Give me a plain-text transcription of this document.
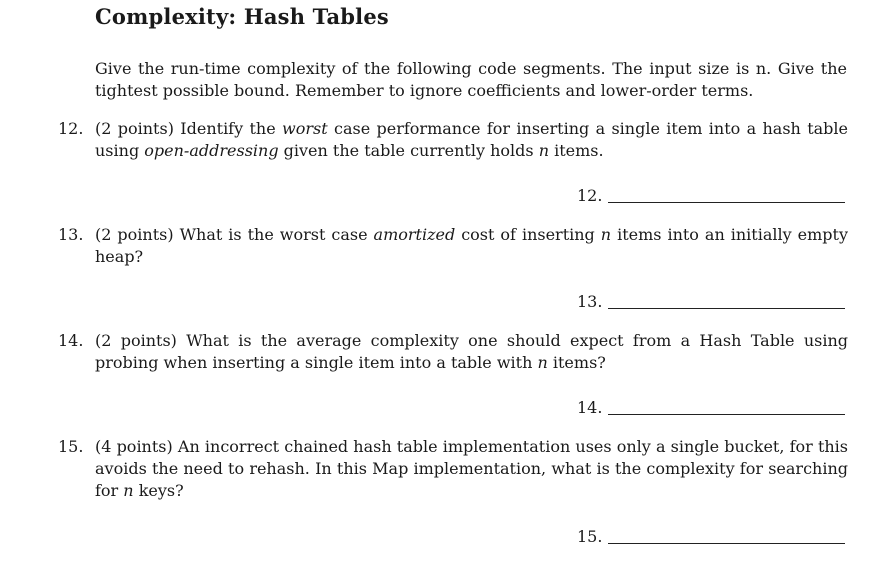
Complexity: Hash Tables

Give the run-time complexity of the following code segments. The input size is n. Give the tightest possible bound. Remember to ignore coefficients and lower-order terms.

12. (2 points) Identify the worst case performance for inserting a single item into a hash table using open-addressing given the table currently holds n items.
12.
13. (2 points) What is the worst case amortized cost of inserting n items into an initially empty heap?
13.
14. (2 points) What is the average complexity one should expect from a Hash Table using probing when inserting a single item into a table with n items?
14.
15. (4 points) An incorrect chained hash table implementation uses only a single bucket, for this avoids the need to rehash. In this Map implementation, what is the complexity for searching for n keys?
15.
